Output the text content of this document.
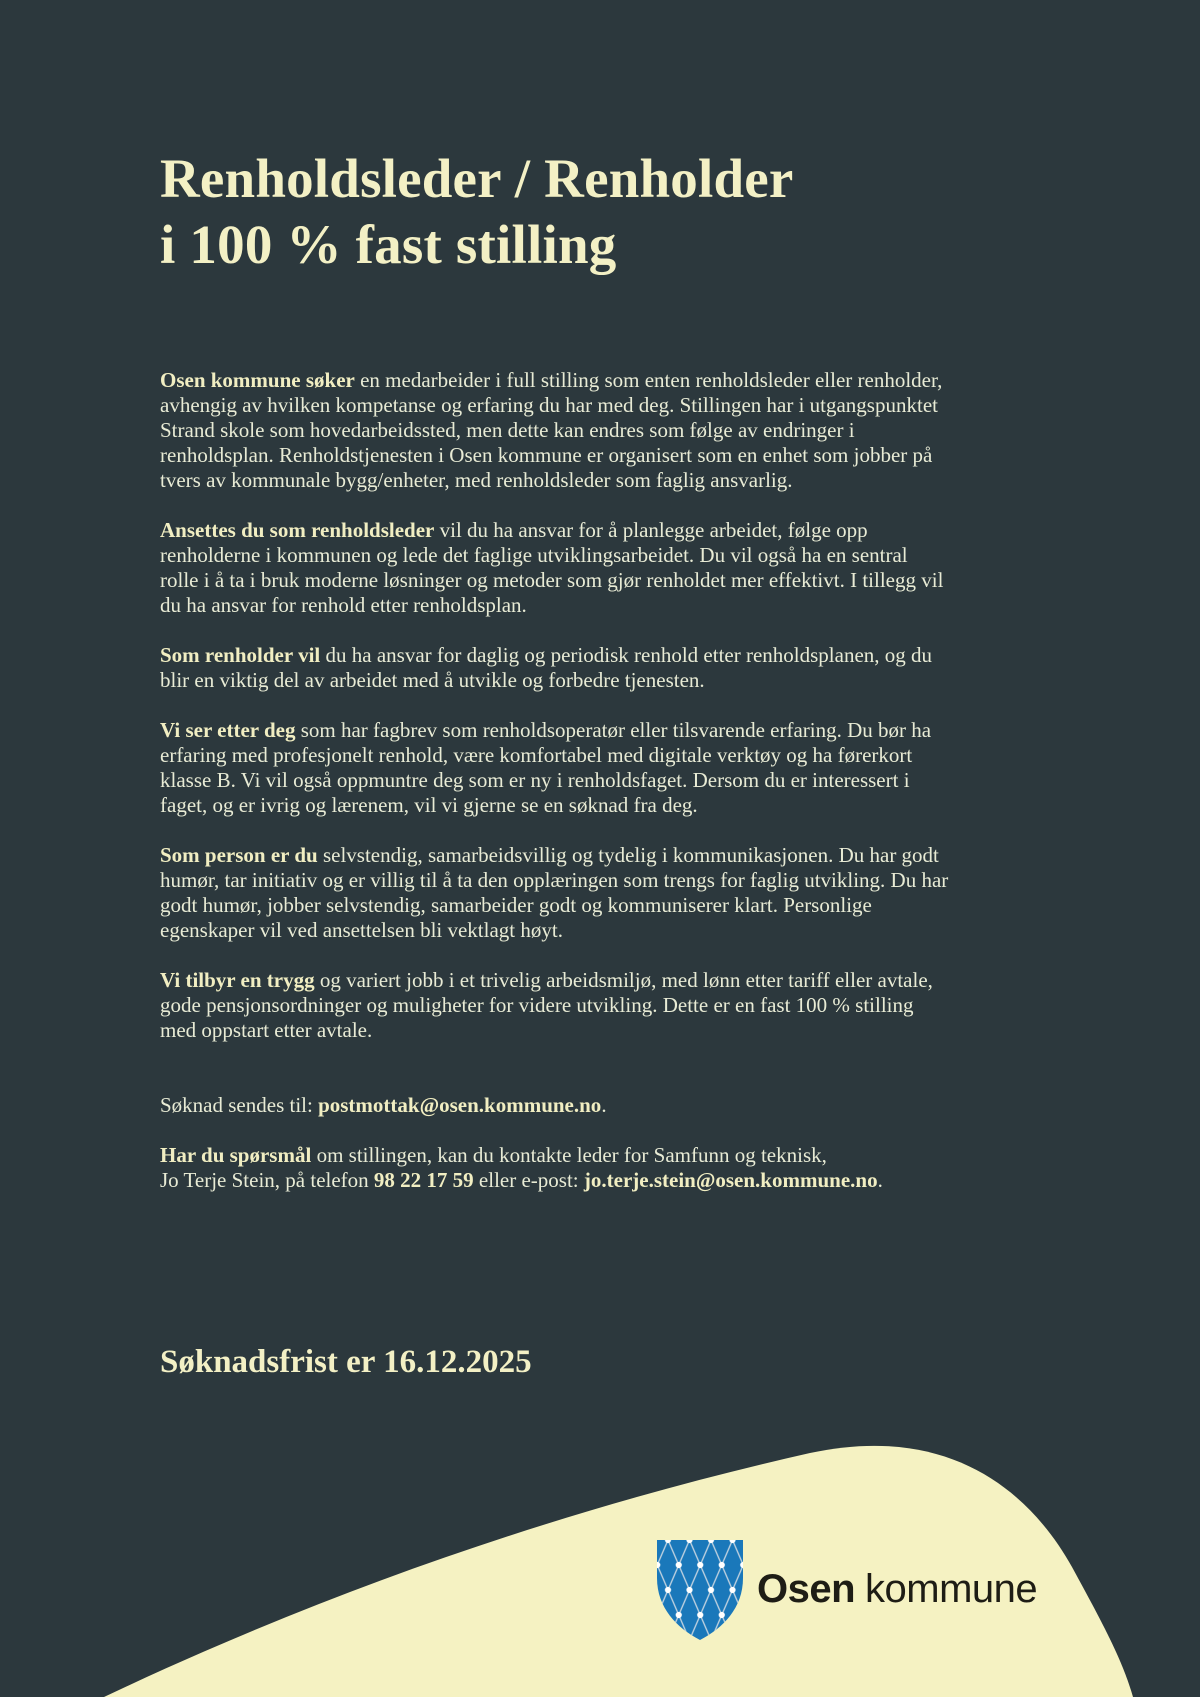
Renholdsleder / Renholder
i 100 % fast stilling

Osen kommune søker en medarbeider i full stilling som enten renholdsleder eller renholder, avhengig av hvilken kompetanse og erfaring du har med deg. Stillingen har i utgangspunktet Strand skole som hovedarbeidssted, men dette kan endres som følge av endringer i renholdsplan. Renholdstjenesten i Osen kommune er organisert som en enhet som jobber på tvers av kommunale bygg/enheter, med renholdsleder som faglig ansvarlig.

Ansettes du som renholdsleder vil du ha ansvar for å planlegge arbeidet, følge opp renholderne i kommunen og lede det faglige utviklingsarbeidet. Du vil også ha en sentral rolle i å ta i bruk moderne løsninger og metoder som gjør renholdet mer effektivt. I tillegg vil du ha ansvar for renhold etter renholdsplan.

Som renholder vil du ha ansvar for daglig og periodisk renhold etter renholdsplanen, og du blir en viktig del av arbeidet med å utvikle og forbedre tjenesten.

Vi ser etter deg som har fagbrev som renholdsoperatør eller tilsvarende erfaring. Du bør ha erfaring med profesjonelt renhold, være komfortabel med digitale verktøy og ha førerkort klasse B. Vi vil også oppmuntre deg som er ny i renholdsfaget. Dersom du er interessert i faget, og er ivrig og lærenem, vil vi gjerne se en søknad fra deg.

Som person er du selvstendig, samarbeidsvillig og tydelig i kommunikasjonen. Du har godt humør, tar initiativ og er villig til å ta den opplæringen som trengs for faglig utvikling. Du har godt humør, jobber selvstendig, samarbeider godt og kommuniserer klart. Personlige egenskaper vil ved ansettelsen bli vektlagt høyt.

Vi tilbyr en trygg og variert jobb i et trivelig arbeidsmiljø, med lønn etter tariff eller avtale, gode pensjonsordninger og muligheter for videre utvikling. Dette er en fast 100 % stilling med oppstart etter avtale.

Søknad sendes til: postmottak@osen.kommune.no.

Har du spørsmål om stillingen, kan du kontakte leder for Samfunn og teknisk,
Jo Terje Stein, på telefon 98 22 17 59 eller e-post: jo.terje.stein@osen.kommune.no.

Søknadsfrist er 16.12.2025
Osen kommune
